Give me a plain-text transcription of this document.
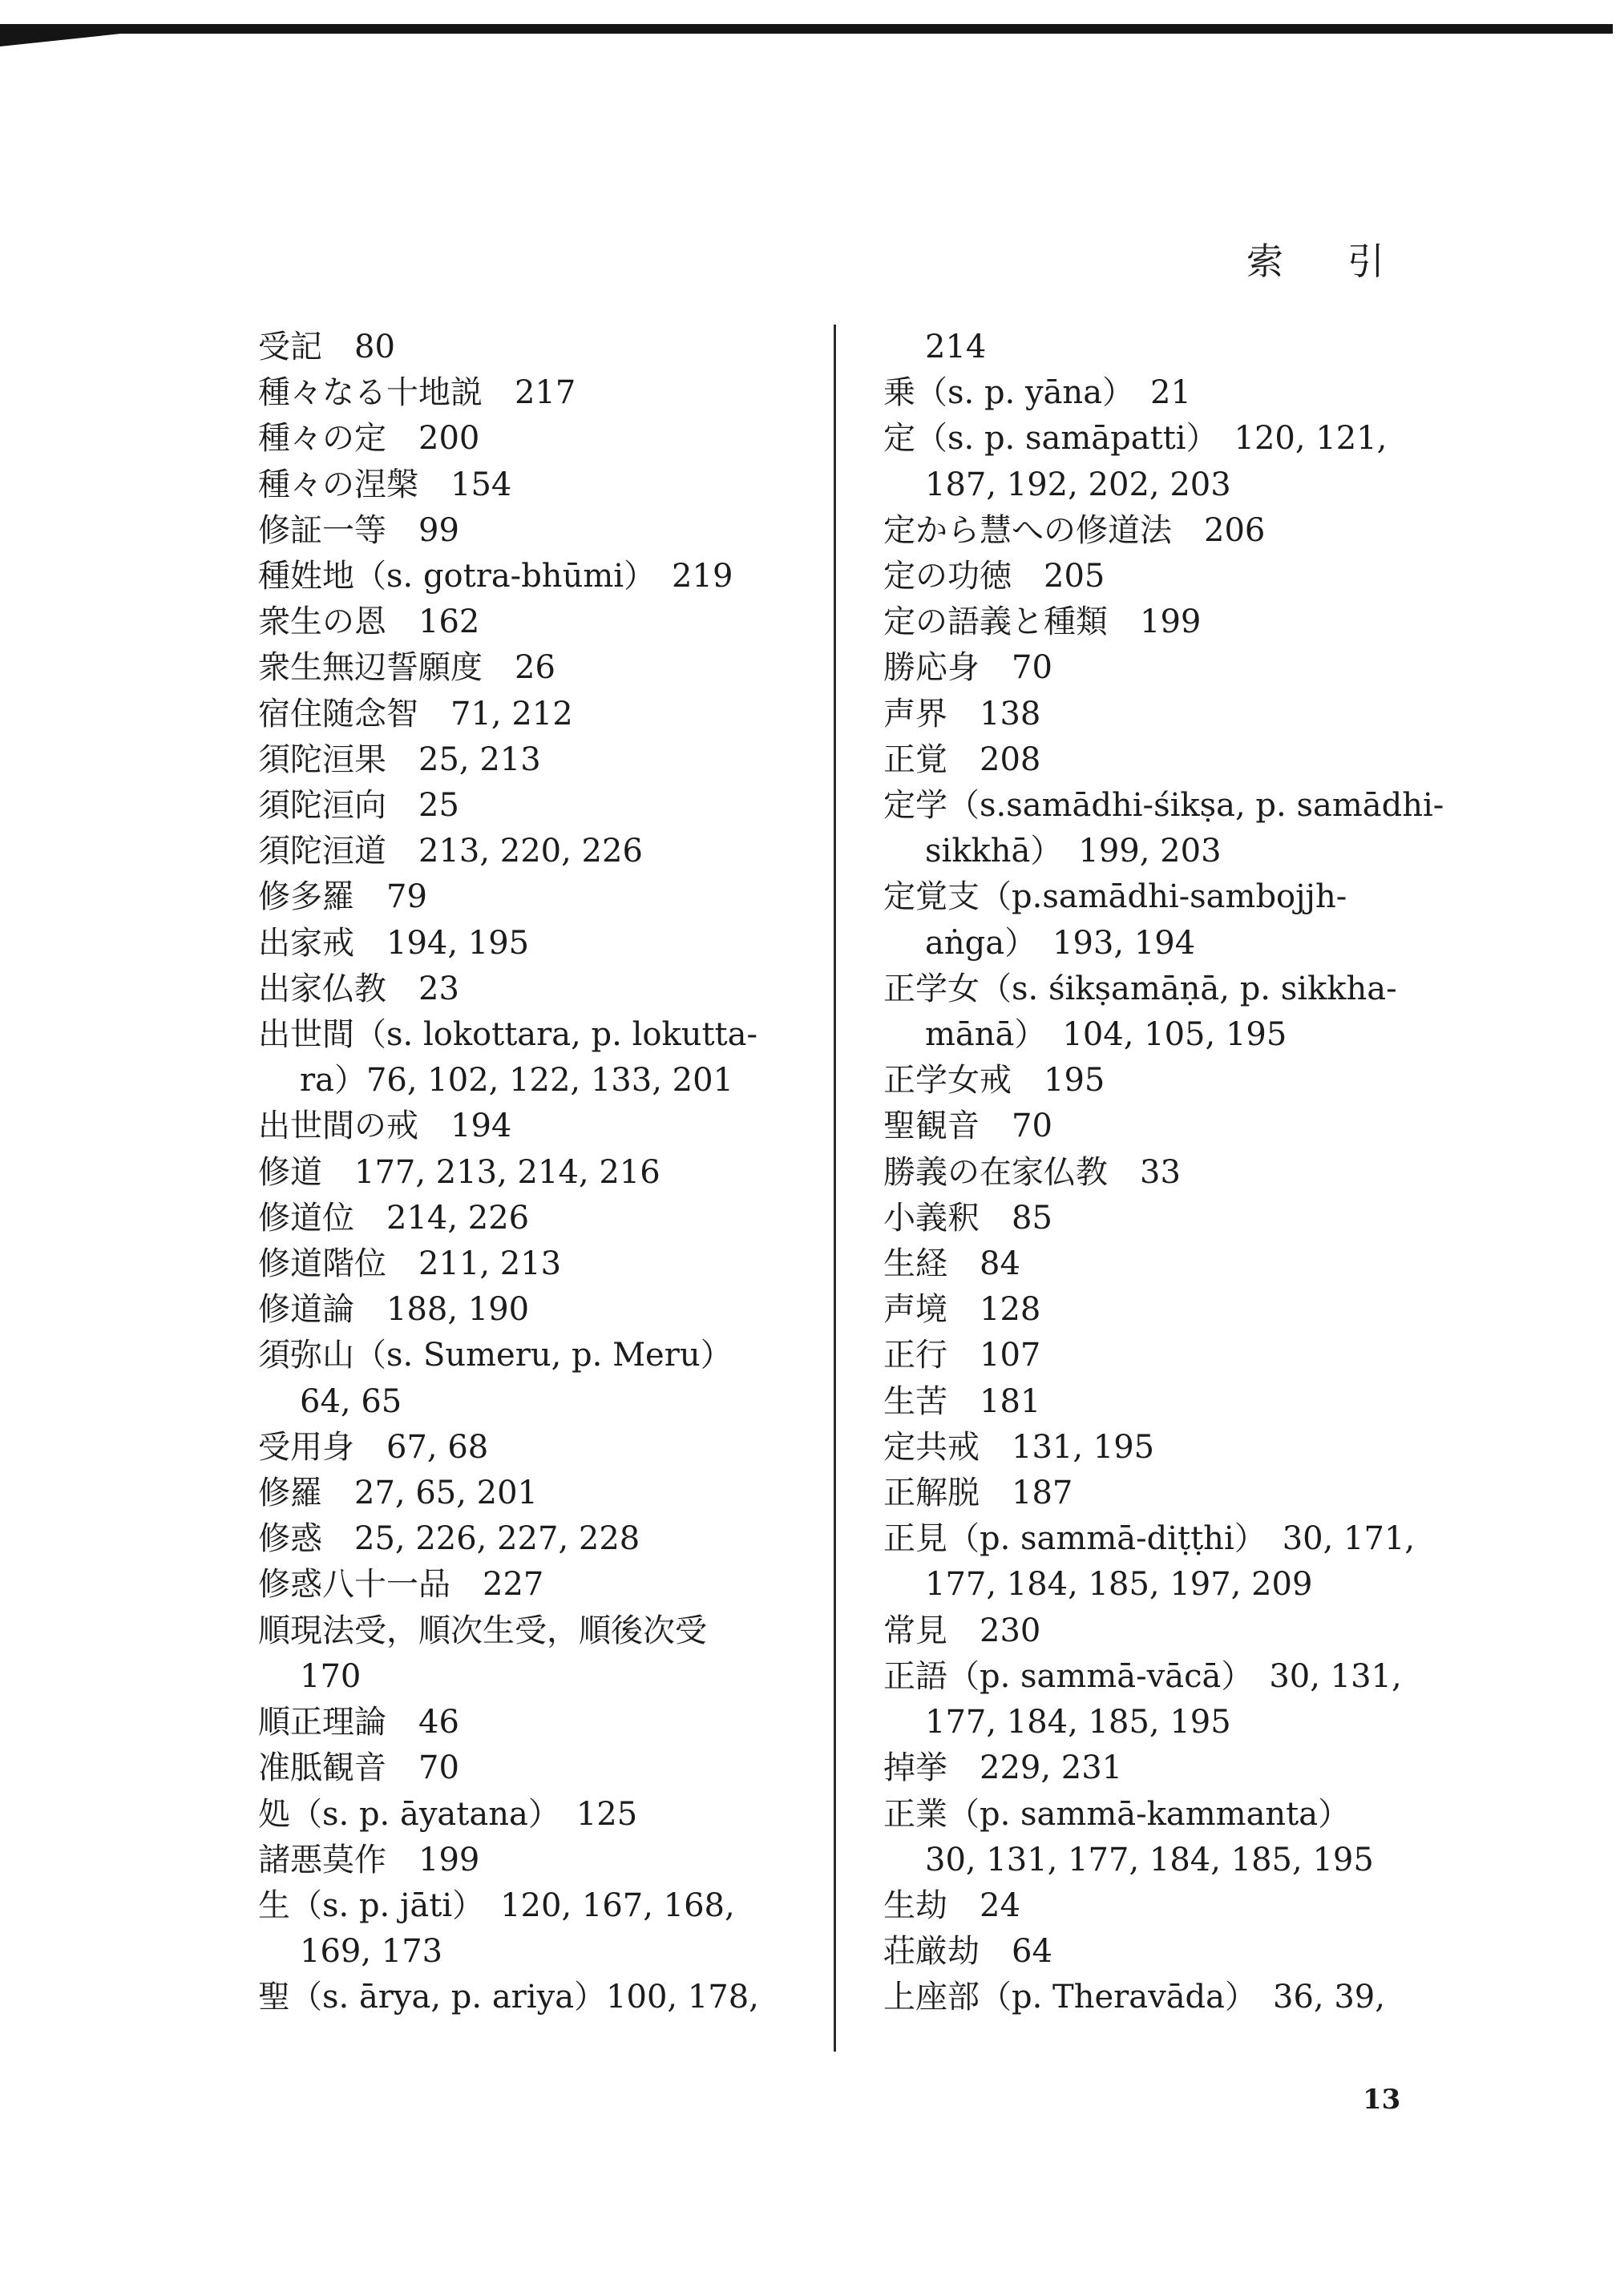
索引

受記　80

種々なる十地説　217

種々の定　200

種々の涅槃　154

修証一等　99

種姓地（s. gotra-bhūmi）　219

衆生の恩　162

衆生無辺誓願度　26

宿住随念智　71, 212

須陀洹果　25, 213

須陀洹向　25

須陀洹道　213, 220, 226

修多羅　79

出家戒　194, 195

出家仏教　23

出世間（s. lokottara, p. lokutta-

ra）76, 102, 122, 133, 201

出世間の戒　194

修道　177, 213, 214, 216

修道位　214, 226

修道階位　211, 213

修道論　188, 190

須弥山（s. Sumeru, p. Meru）

64, 65

受用身　67, 68

修羅　27, 65, 201

修惑　25, 226, 227, 228

修惑八十一品　227

順現法受，順次生受，順後次受

170

順正理論　46

准胝観音　70

処（s. p. āyatana）　125

諸悪莫作　199

生（s. p. jāti）　120, 167, 168,

169, 173

聖（s. ārya, p. ariya）100, 178,

214

乗（s. p. yāna）　21

定（s. p. samāpatti）　120, 121,

187, 192, 202, 203

定から慧への修道法　206

定の功徳　205

定の語義と種類　199

勝応身　70

声界　138

正覚　208

定学（s.samādhi-śikṣa, p. samādhi-

sikkhā）　199, 203

定覚支（p.samādhi-sambojjh-

aṅga）　193, 194

正学女（s. śikṣamāṇā, p. sikkha-

mānā）　104, 105, 195

正学女戒　195

聖観音　70

勝義の在家仏教　33

小義釈　85

生経　84

声境　128

正行　107

生苦　181

定共戒　131, 195

正解脱　187

正見（p. sammā-diṭṭhi）　30, 171,

177, 184, 185, 197, 209

常見　230

正語（p. sammā-vācā）　30, 131,

177, 184, 185, 195

掉挙　229, 231

正業（p. sammā-kammanta）

30, 131, 177, 184, 185, 195

生劫　24

荘厳劫　64

上座部（p. Theravāda）　36, 39,

13
